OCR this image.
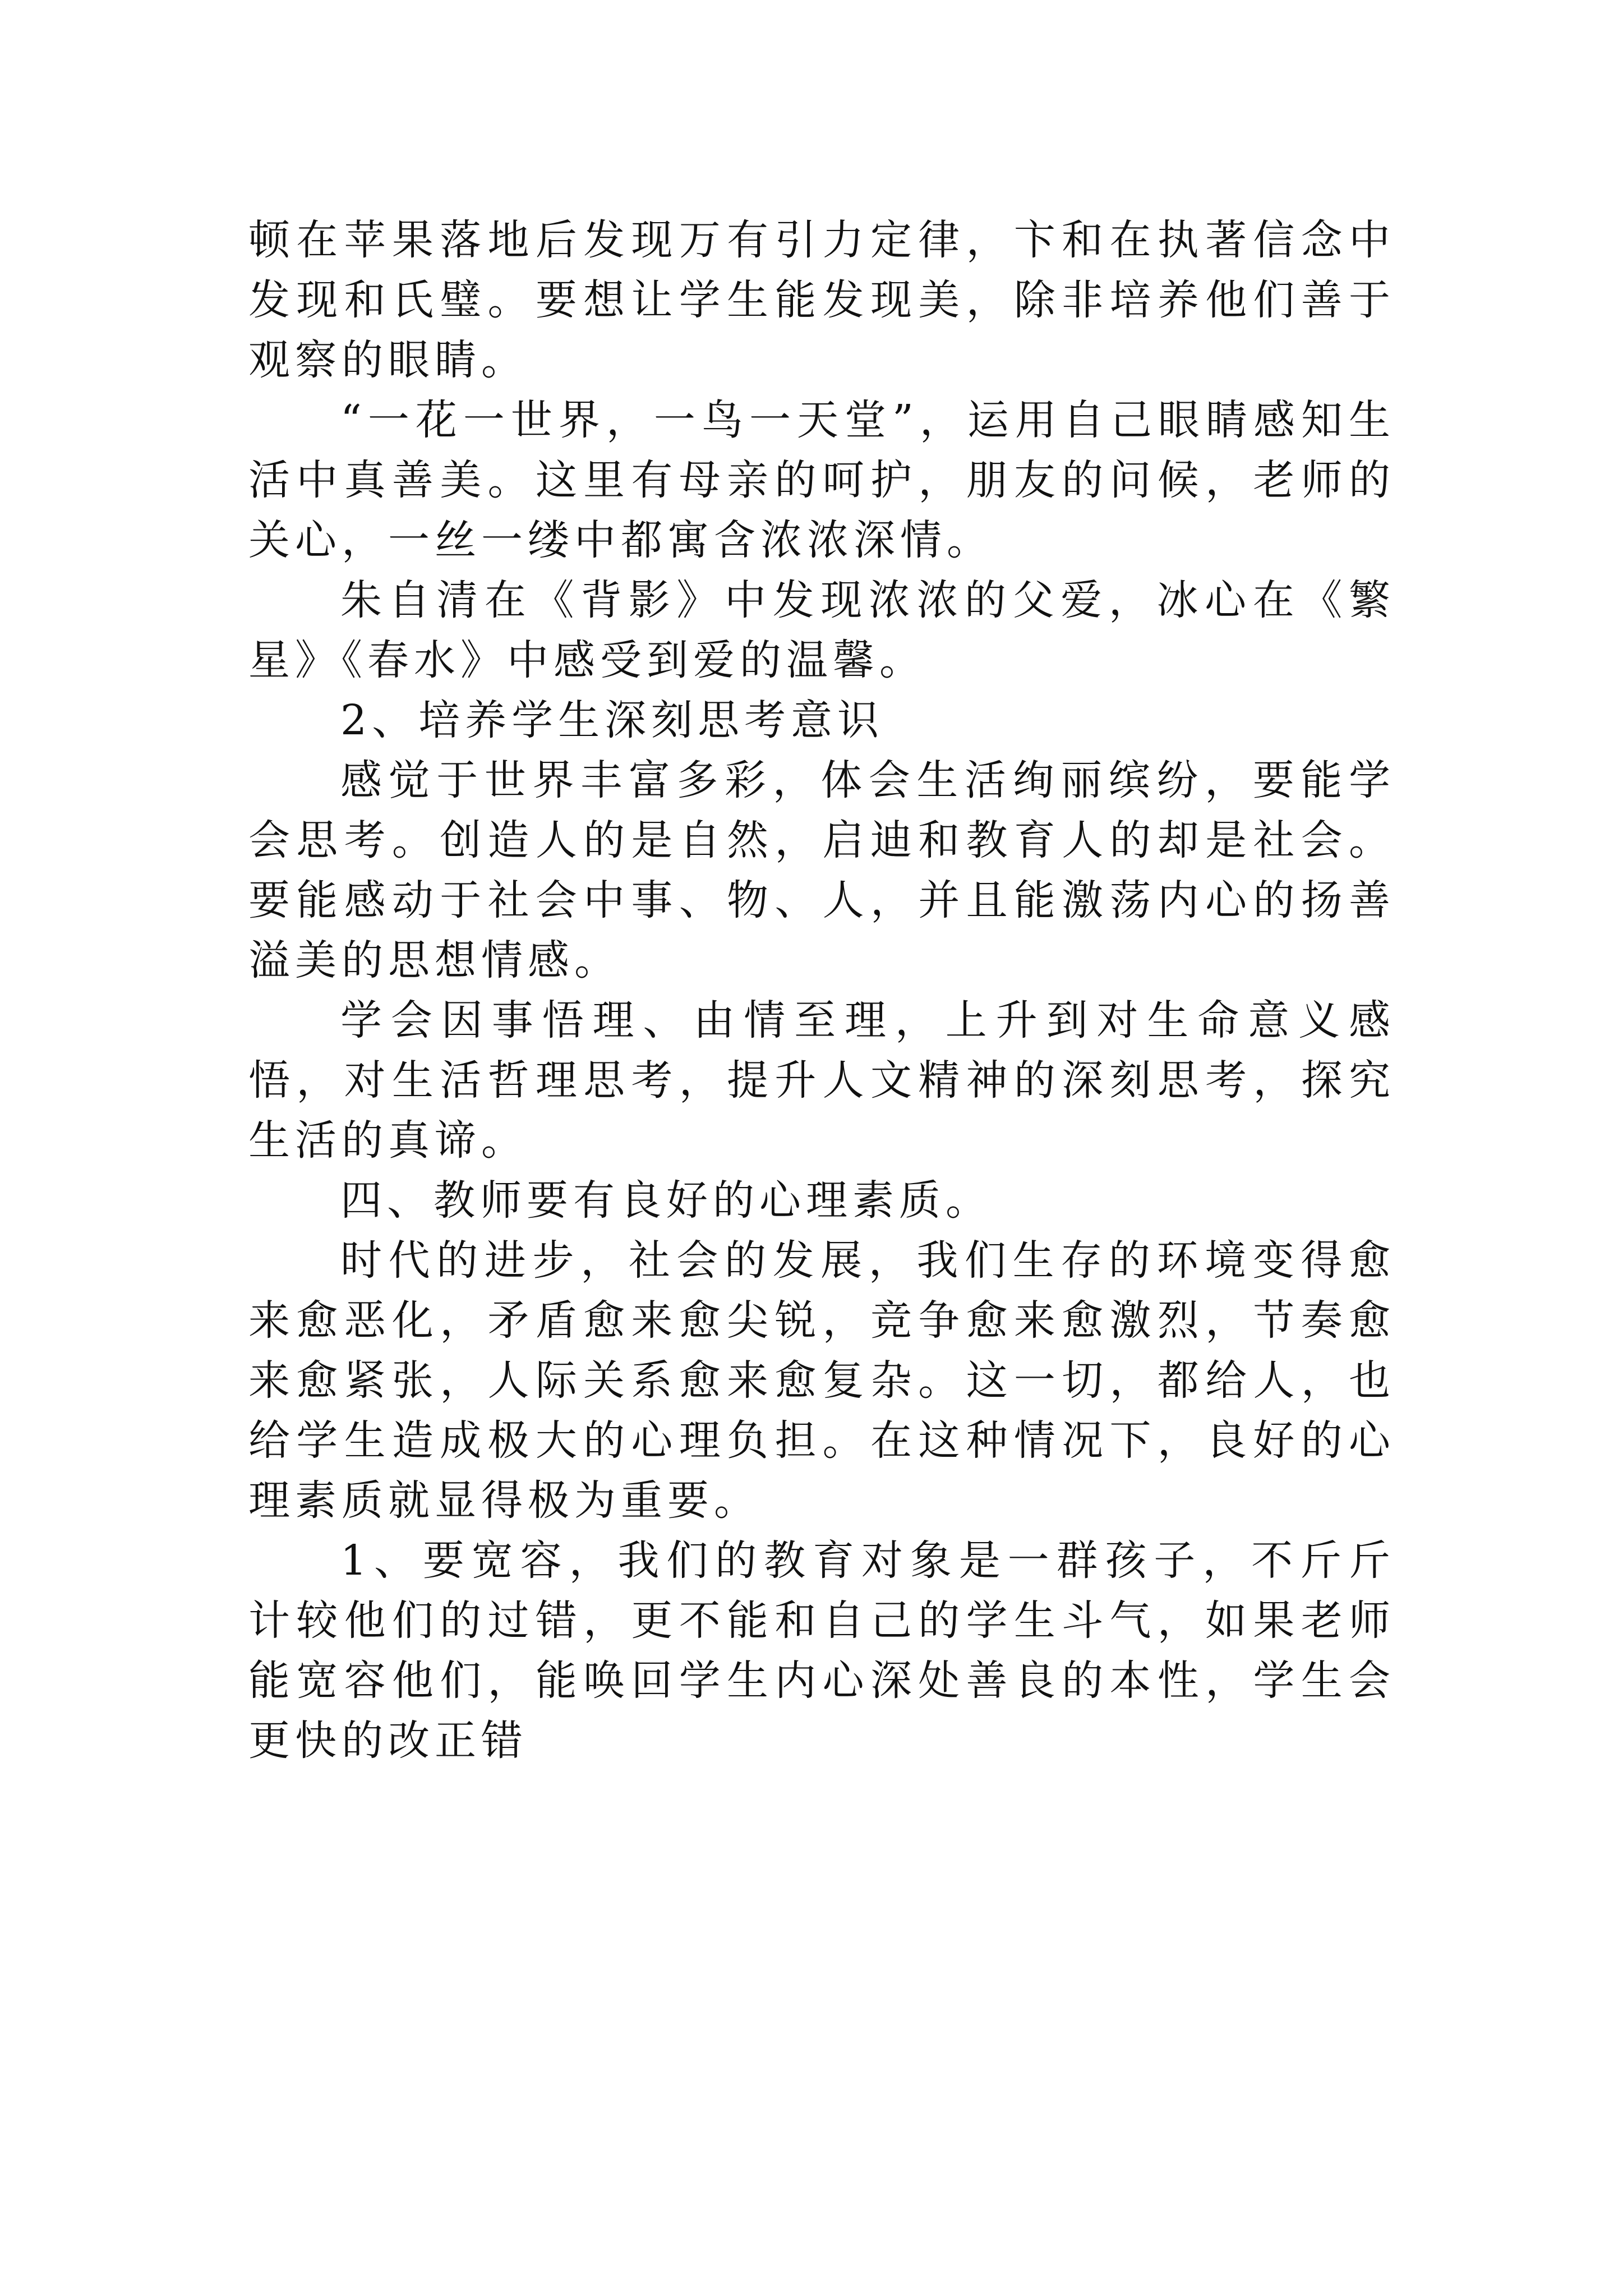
顿在苹果落地后发现万有引力定律，卞和在执著信念中发现和氏璧。要想让学生能发现美，除非培养他们善于观察的眼睛。

“一花一世界，一鸟一天堂”，运用自己眼睛感知生活中真善美。这里有母亲的呵护，朋友的问候，老师的关心，一丝一缕中都寓含浓浓深情。

朱自清在《背影》中发现浓浓的父爱，冰心在《繁星》《春水》中感受到爱的温馨。

2、培养学生深刻思考意识

感觉于世界丰富多彩，体会生活绚丽缤纷，要能学会思考。创造人的是自然，启迪和教育人的却是社会。要能感动于社会中事、物、人，并且能激荡内心的扬善溢美的思想情感。

学会因事悟理、由情至理，上升到对生命意义感悟，对生活哲理思考，提升人文精神的深刻思考，探究生活的真谛。

四、教师要有良好的心理素质。

时代的进步，社会的发展，我们生存的环境变得愈来愈恶化，矛盾愈来愈尖锐，竞争愈来愈激烈，节奏愈来愈紧张，人际关系愈来愈复杂。这一切，都给人，也给学生造成极大的心理负担。在这种情况下，良好的心理素质就显得极为重要。

1、要宽容，我们的教育对象是一群孩子，不斤斤计较他们的过错，更不能和自己的学生斗气，如果老师能宽容他们，能唤回学生内心深处善良的本性，学生会更快的改正错
